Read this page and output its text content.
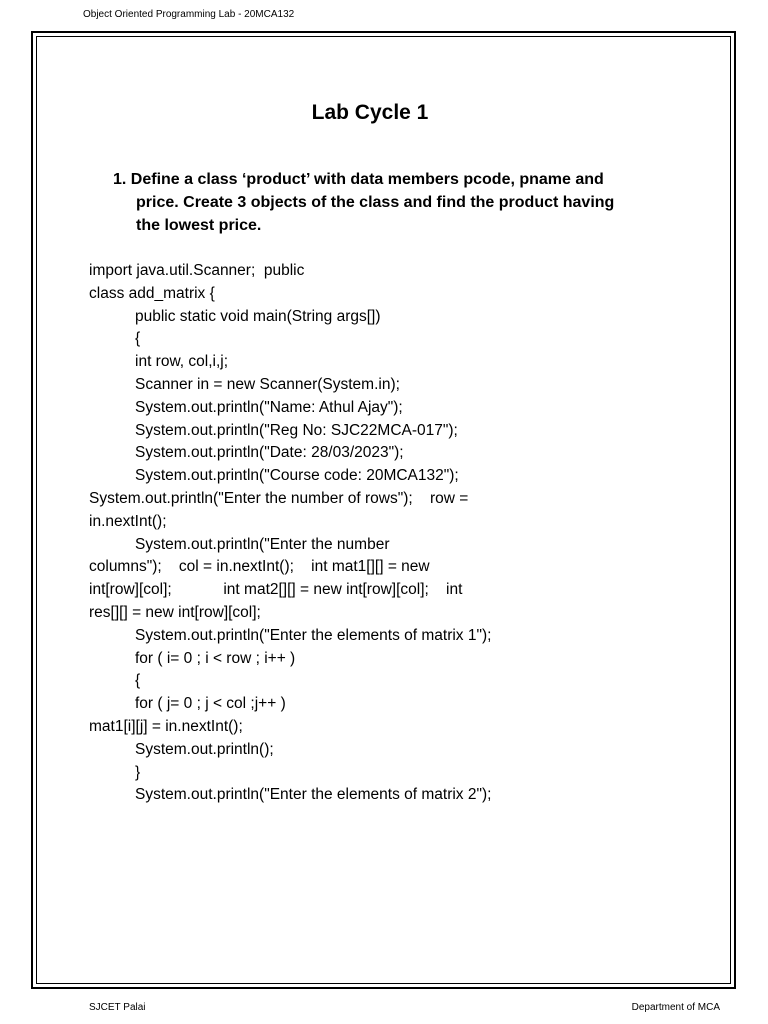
Object Oriented Programming Lab - 20MCA132
Lab Cycle 1
1. Define a class ‘product’ with data members pcode, pname and
price. Create 3 objects of the class and find the product having
the lowest price.
import java.util.Scanner;  public
class add_matrix {
public static void main(String args[])
{
int row, col,i,j;
Scanner in = new Scanner(System.in);
System.out.println("Name: Athul Ajay");
System.out.println("Reg No: SJC22MCA-017");
System.out.println("Date: 28/03/2023");
System.out.println("Course code: 20MCA132");
System.out.println("Enter the number of rows");    row =
in.nextInt();
System.out.println("Enter the number
columns");    col = in.nextInt();    int mat1[][] = new
int[row][col];            int mat2[][] = new int[row][col];    int
res[][] = new int[row][col];
System.out.println("Enter the elements of matrix 1");
for ( i= 0 ; i < row ; i++ )
{
for ( j= 0 ; j < col ;j++ )
mat1[i][j] = in.nextInt();
System.out.println();
}
System.out.println("Enter the elements of matrix 2");
SJCET Palai	Department of MCA
